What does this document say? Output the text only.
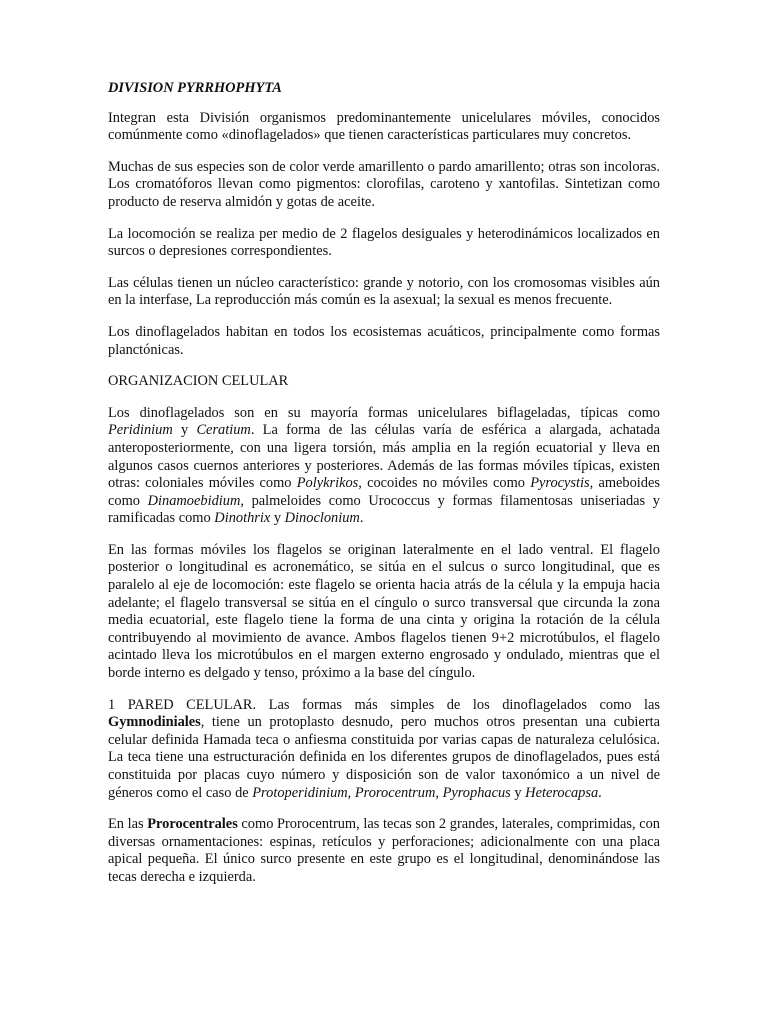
DIVISION PYRRHOPHYTA

Integran esta División organismos predominantemente unicelulares móviles, conocidos comúnmente como «dinoflagelados» que tienen características particulares muy concretos.

Muchas de sus especies son de color verde amarillento o pardo amarillento; otras son incoloras. Los cromatóforos llevan como pigmentos: clorofilas, caroteno y xantofilas. Sintetizan como producto de reserva almidón y gotas de aceite.

La locomoción se realiza per medio de 2 flagelos desiguales y heterodinámicos localizados en surcos o depresiones correspondientes.

Las células tienen un núcleo característico: grande y notorio, con los cromosomas visibles aún en la interfase, La reproducción más común es la asexual; la sexual es menos frecuente.

Los dinoflagelados habitan en todos los ecosistemas acuáticos, principalmente como formas planctónicas.

ORGANIZACION CELULAR

Los dinoflagelados son en su mayoría formas unicelulares biflageladas, típicas como Peridinium y Ceratium. La forma de las células varía de esférica a alargada, achatada anteroposteriormente, con una ligera torsión, más amplia en la región ecuatorial y lleva en algunos casos cuernos anteriores y posteriores. Además de las formas móviles típicas, existen otras: coloniales móviles como Polykrikos, cocoides no móviles como Pyrocystis, ameboides como Dinamoebidium, palmeloides como Urococcus y formas filamentosas uniseriadas y ramificadas como Dinothrix y Dinoclonium.

En las formas móviles los flagelos se originan lateralmente en el lado ventral. El flagelo posterior o longitudinal es acronemático, se sitúa en el sulcus o surco longitudinal, que es paralelo al eje de locomoción: este flagelo se orienta hacia atrás de la célula y la empuja hacia adelante; el flagelo transversal se sitúa en el cíngulo o surco transversal que circunda la zona media ecuatorial, este flagelo tiene la forma de una cinta y origina la rotación de la célula contribuyendo al movimiento de avance. Ambos flagelos tienen 9+2 microtúbulos, el flagelo acintado lleva los microtúbulos en el margen externo engrosado y ondulado, mientras que el borde interno es delgado y tenso, próximo a la base del cíngulo.

1 PARED CELULAR. Las formas más simples de los dinoflagelados como las Gymnodiniales, tiene un protoplasto desnudo, pero muchos otros presentan una cubierta celular definida Hamada teca o anfiesma constituida por varias capas de naturaleza celulósica. La teca tiene una estructuración definida en los diferentes grupos de dinoflagelados, pues está constituida por placas cuyo número y disposición son de valor taxonómico a un nivel de géneros como el caso de Protoperidinium, Prorocentrum, Pyrophacus y Heterocapsa.

En las Prorocentrales como Prorocentrum, las tecas son 2 grandes, laterales, comprimidas, con diversas ornamentaciones: espinas, retículos y perforaciones; adicionalmente con una placa apical pequeña. El único surco presente en este grupo es el longitudinal, denominándose las tecas derecha e izquierda.
